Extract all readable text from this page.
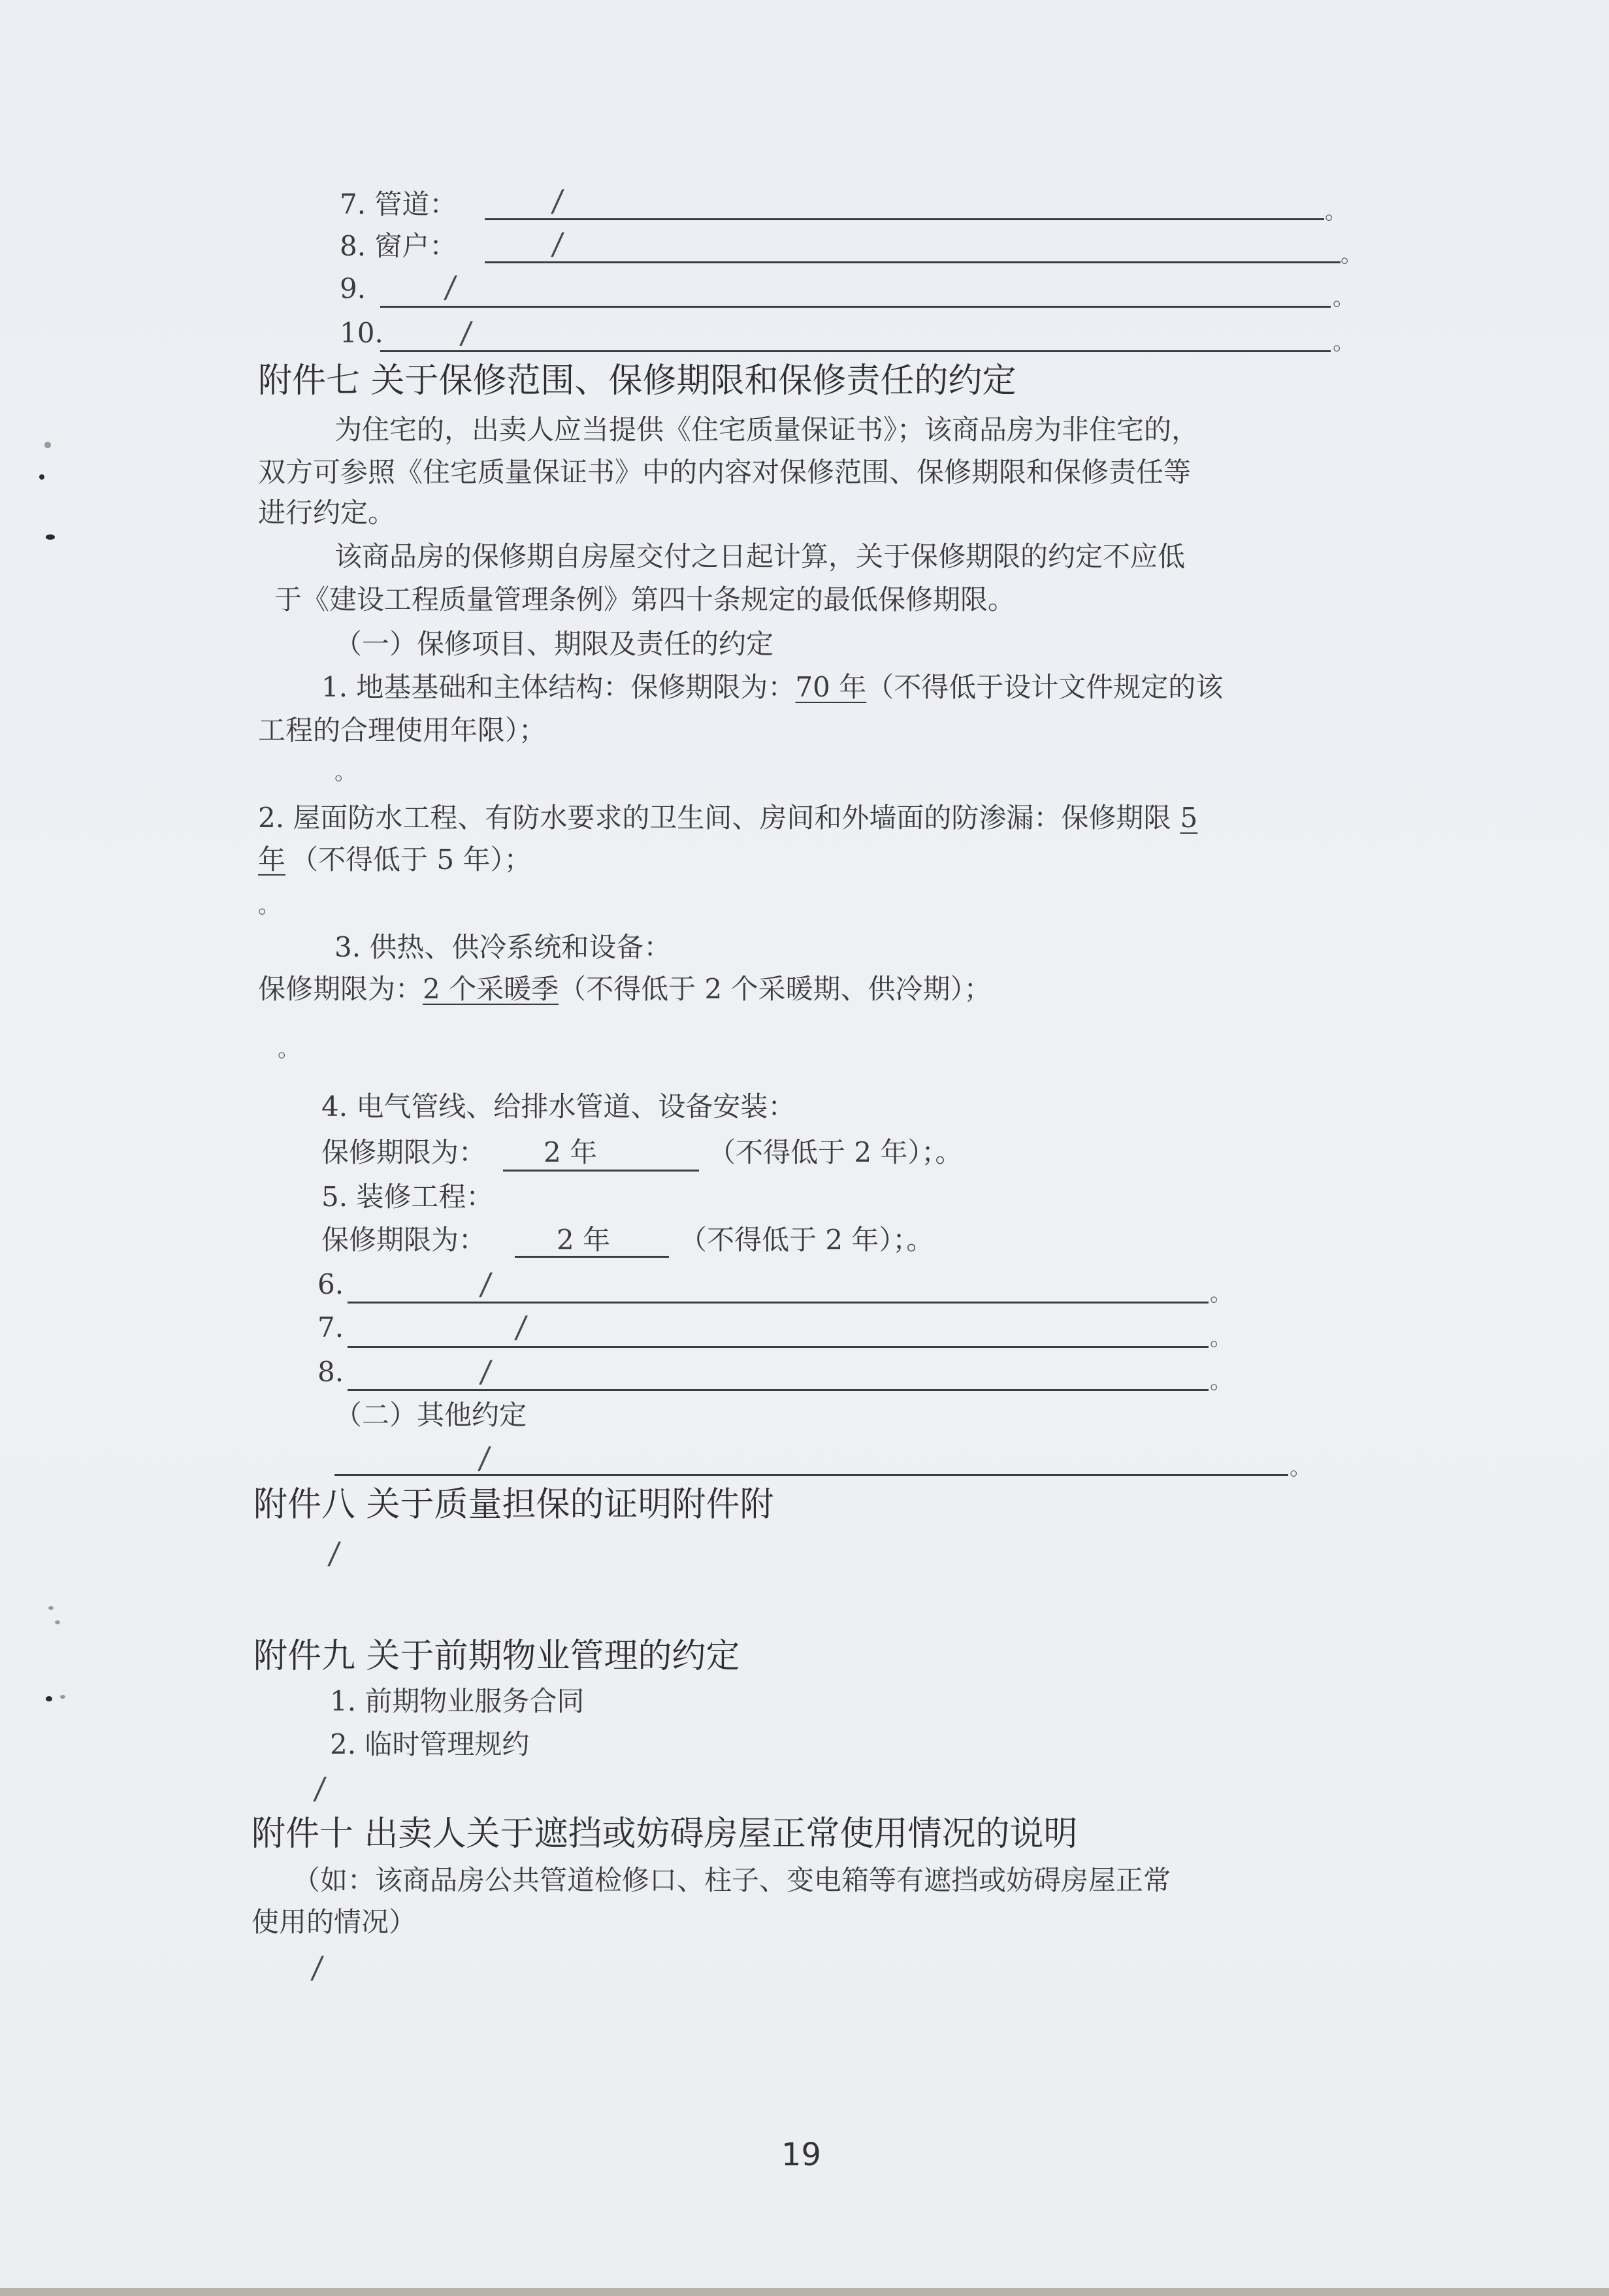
7. 管道：	/	。
8. 窗户：	/	。
9.	/	。
10.	/	。
附件七 关于保修范围、保修期限和保修责任的约定
为住宅的，出卖人应当提供《住宅质量保证书》；该商品房为非住宅的，
双方可参照《住宅质量保证书》中的内容对保修范围、保修期限和保修责任等
进行约定。
该商品房的保修期自房屋交付之日起计算，关于保修期限的约定不应低
于《建设工程质量管理条例》第四十条规定的最低保修期限。
（一）保修项目、期限及责任的约定
1. 地基基础和主体结构：保修期限为：70 年（不得低于设计文件规定的该
工程的合理使用年限）；
。
2. 屋面防水工程、有防水要求的卫生间、房间和外墙面的防渗漏：保修期限 5
年 （不得低于 5 年）；
。
3. 供热、供冷系统和设备：
保修期限为：2 个采暖季（不得低于 2 个采暖期、供冷期）；
。
4. 电气管线、给排水管道、设备安装：
保修期限为： 2 年	（不得低于 2 年）；。
5. 装修工程：
保修期限为：	2 年	（不得低于 2 年）；。
6.	/	。
7.	/	。
8.	/	。
（二）其他约定
/	。
附件八 关于质量担保的证明附件附
/
附件九 关于前期物业管理的约定
1. 前期物业服务合同
2. 临时管理规约
/
附件十 出卖人关于遮挡或妨碍房屋正常使用情况的说明
（如：该商品房公共管道检修口、柱子、变电箱等有遮挡或妨碍房屋正常
使用的情况）
/
19
